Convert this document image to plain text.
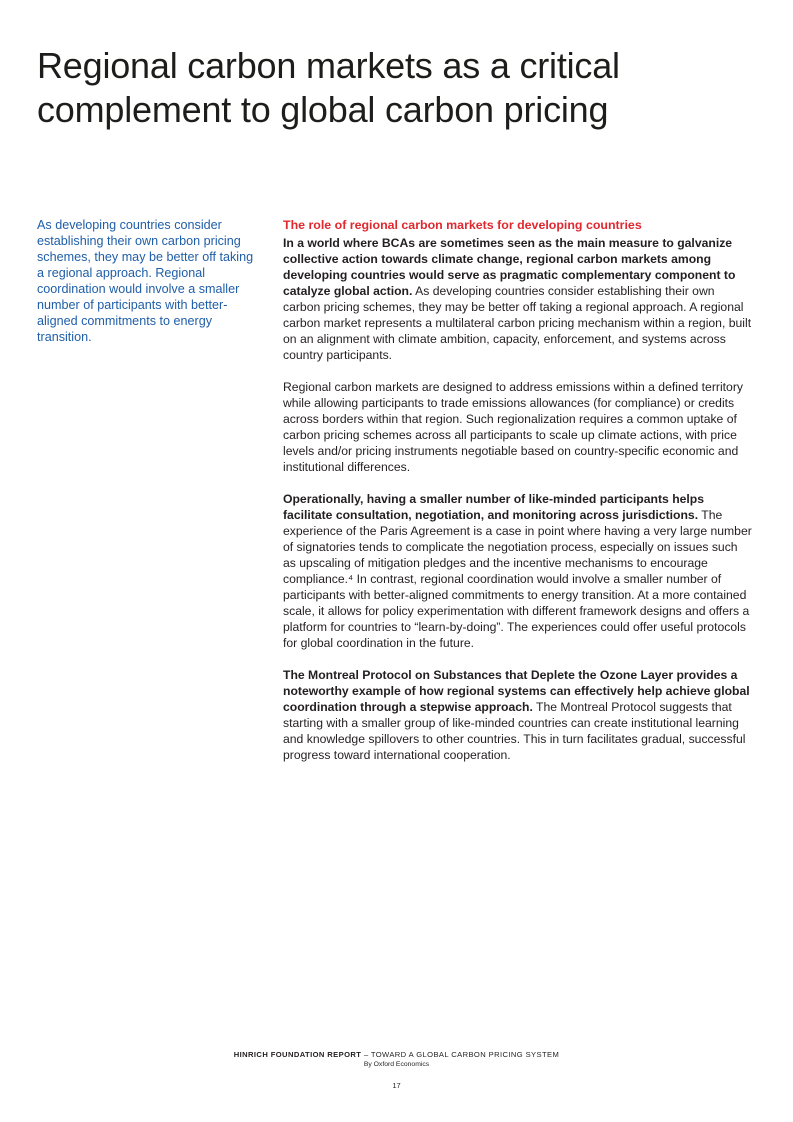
Regional carbon markets as a critical complement to global carbon pricing

As developing countries consider establishing their own carbon pricing schemes, they may be better off taking a regional approach. Regional coordination would involve a smaller number of participants with better-aligned commitments to energy transition.

The role of regional carbon markets for developing countries

In a world where BCAs are sometimes seen as the main measure to galvanize collective action towards climate change, regional carbon markets among developing countries would serve as pragmatic complementary component to catalyze global action. As developing countries consider establishing their own carbon pricing schemes, they may be better off taking a regional approach. A regional carbon market represents a multilateral carbon pricing mechanism within a region, built on an alignment with climate ambition, capacity, enforcement, and systems across country participants.

Regional carbon markets are designed to address emissions within a defined territory while allowing participants to trade emissions allowances (for compliance) or credits across borders within that region. Such regionalization requires a common uptake of carbon pricing schemes across all participants to scale up climate actions, with price levels and/or pricing instruments negotiable based on country-specific economic and institutional differences.

Operationally, having a smaller number of like-minded participants helps facilitate consultation, negotiation, and monitoring across jurisdictions. The experience of the Paris Agreement is a case in point where having a very large number of signatories tends to complicate the negotiation process, especially on issues such as upscaling of mitigation pledges and the incentive mechanisms to encourage compliance.⁴ In contrast, regional coordination would involve a smaller number of participants with better-aligned commitments to energy transition. At a more contained scale, it allows for policy experimentation with different framework designs and offers a platform for countries to “learn-by-doing”. The experiences could offer useful protocols for global coordination in the future.

The Montreal Protocol on Substances that Deplete the Ozone Layer provides a noteworthy example of how regional systems can effectively help achieve global coordination through a stepwise approach. The Montreal Protocol suggests that starting with a smaller group of like-minded countries can create institutional learning and knowledge spillovers to other countries. This in turn facilitates gradual, successful progress toward international cooperation.

HINRICH FOUNDATION REPORT – TOWARD A GLOBAL CARBON PRICING SYSTEM
By Oxford Economics
17
